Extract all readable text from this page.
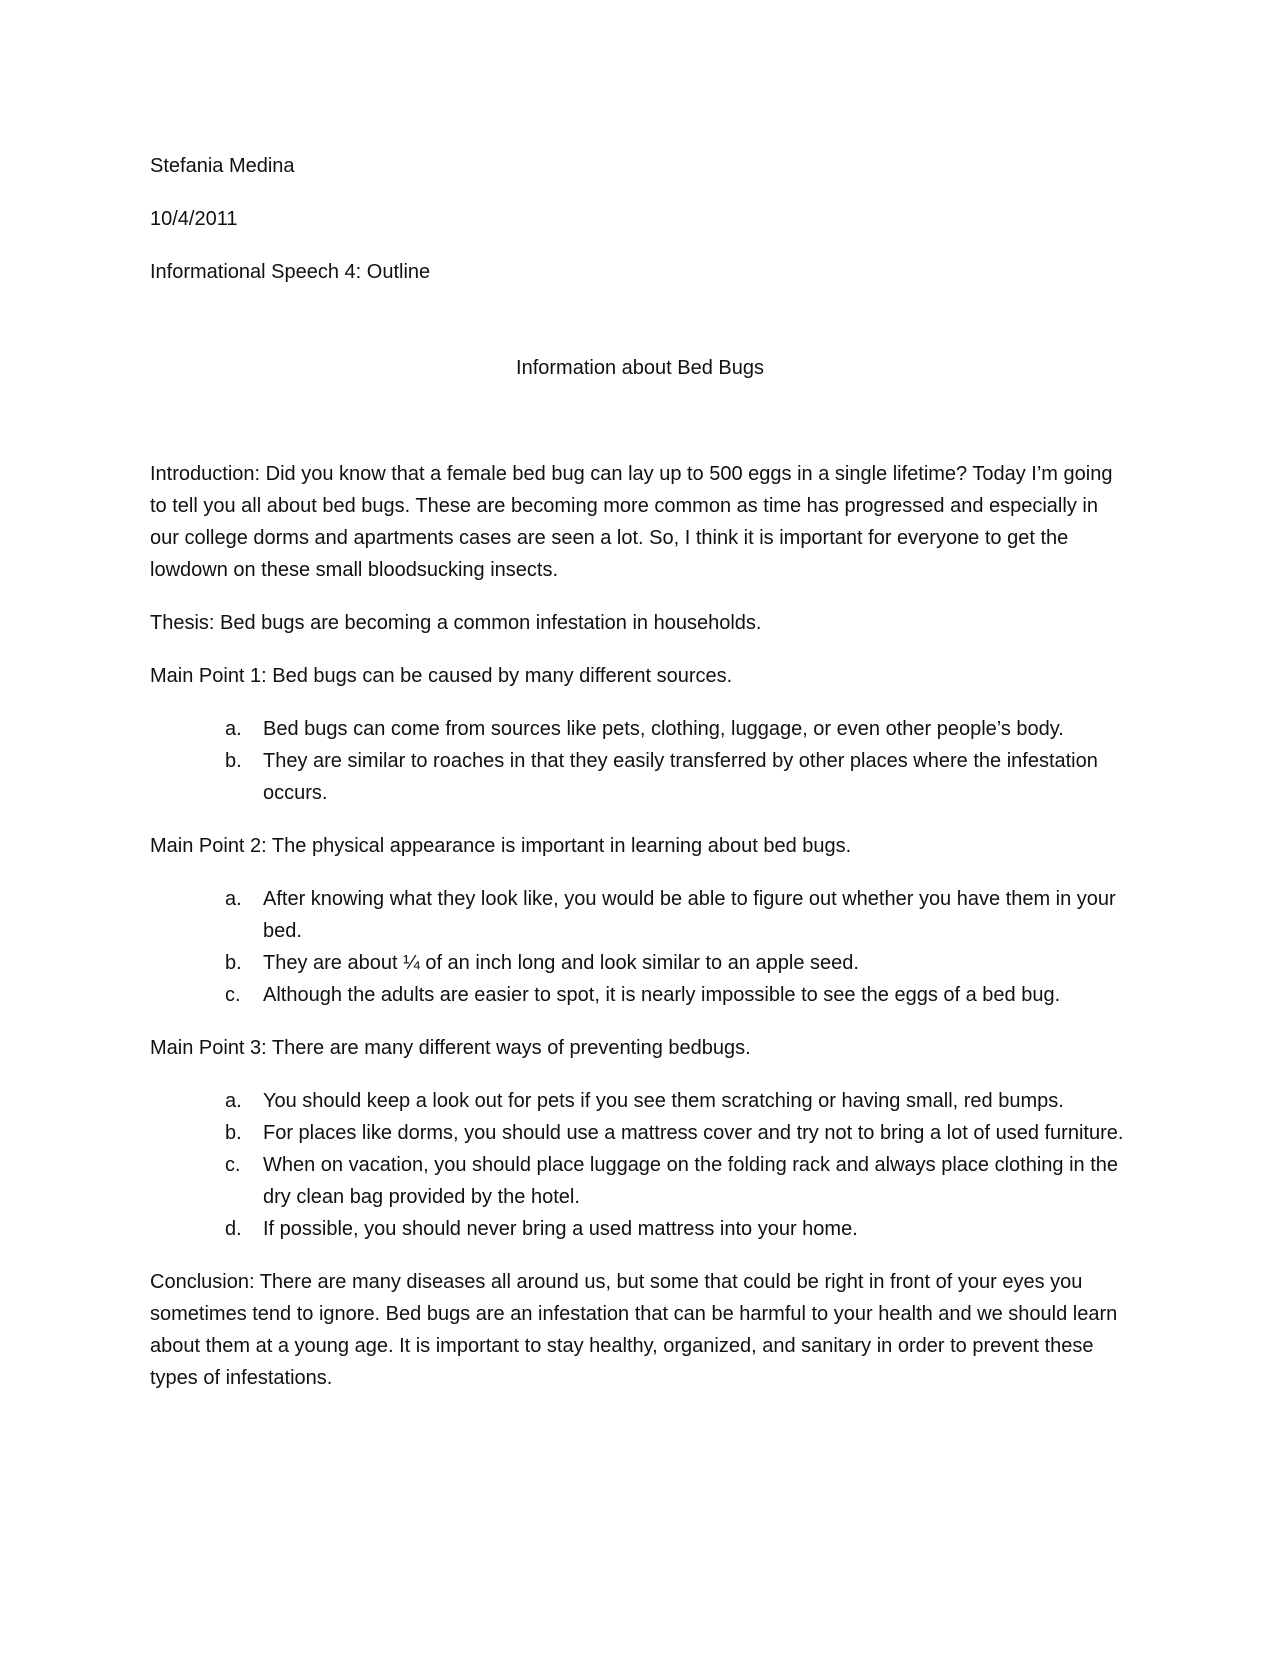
Stefania Medina

10/4/2011

Informational Speech 4: Outline

Information about Bed Bugs

Introduction: Did you know that a female bed bug can lay up to 500 eggs in a single lifetime? Today I’m going to tell you all about bed bugs. These are becoming more common as time has progressed and especially in our college dorms and apartments cases are seen a lot. So, I think it is important for everyone to get the lowdown on these small bloodsucking insects.

Thesis: Bed bugs are becoming a common infestation in households.

Main Point 1: Bed bugs can be caused by many different sources.

a. Bed bugs can come from sources like pets, clothing, luggage, or even other people’s body.
b. They are similar to roaches in that they easily transferred by other places where the infestation occurs.

Main Point 2: The physical appearance is important in learning about bed bugs.

a. After knowing what they look like, you would be able to figure out whether you have them in your bed.
b. They are about ¼ of an inch long and look similar to an apple seed.
c. Although the adults are easier to spot, it is nearly impossible to see the eggs of a bed bug.

Main Point 3: There are many different ways of preventing bedbugs.

a. You should keep a look out for pets if you see them scratching or having small, red bumps.
b. For places like dorms, you should use a mattress cover and try not to bring a lot of used furniture.
c. When on vacation, you should place luggage on the folding rack and always place clothing in the dry clean bag provided by the hotel.
d. If possible, you should never bring a used mattress into your home.

Conclusion: There are many diseases all around us, but some that could be right in front of your eyes you sometimes tend to ignore. Bed bugs are an infestation that can be harmful to your health and we should learn about them at a young age. It is important to stay healthy, organized, and sanitary in order to prevent these types of infestations.
